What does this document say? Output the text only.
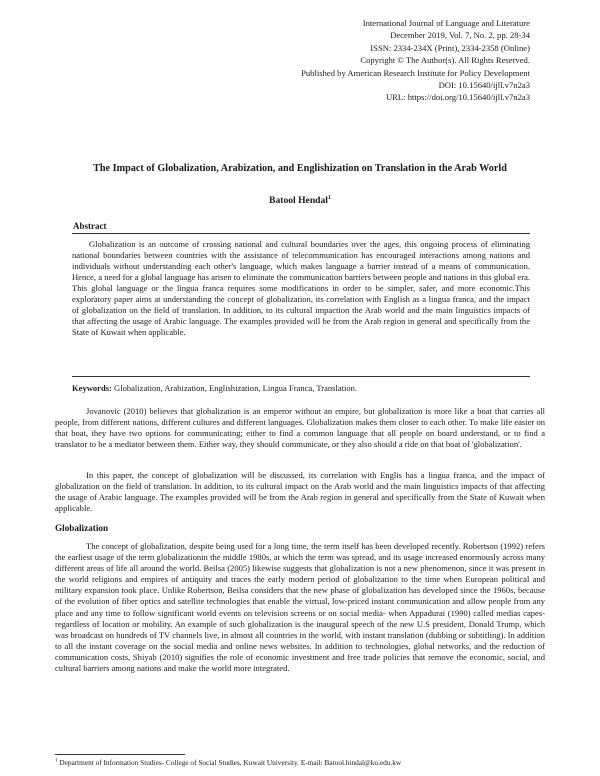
International Journal of Language and Literature
December 2019, Vol. 7, No. 2, pp. 28-34
ISSN: 2334-234X (Print), 2334-2358 (Online)
Copyright © The Author(s). All Rights Reserved.
Published by American Research Institute for Policy Development
DOI: 10.15640/ijll.v7n2a3
URL: https://doi.org/10.15640/ijll.v7n2a3
The Impact of Globalization, Arabization, and Englishization on Translation in the Arab World
Batool Hendal$^1$
Abstract

Globalization is an outcome of crossing national and cultural boundaries over the ages, this ongoing process of eliminating national boundaries between countries with the assistance of telecommunication has encouraged interactions among nations and individuals without understanding each other's language, which makes language a barrier instead of a means of communication. Hence, a need for a global language has arisen to eliminate the communication barriers between people and nations in this global era. This global language or the lingua franca requires some modifications in order to be simpler, safer, and more economic.This exploratory paper aims at understanding the concept of globalization, its correlation with English as a lingua franca, and the impact of globalization on the field of translation. In addition, to its cultural impaction the Arab world and the main linguistics impacts of that affecting the usage of Arabic language. The examples provided will be from the Arab region in general and specifically from the State of Kuwait when applicable.

Keywords: Globalization, Arabization, Englishization, Lingua Franca, Translation.

Jovanovic (2010) believes that globalization is an emperor without an empire, but globalization is more like a boat that carries all people, from different nations, different cultures and different languages. Globalization makes them closer to each other. To make life easier on that boat, they have two options for communicating; either to find a common language that all people on board understand, or to find a translator to be a mediator between them. Either way, they should communicate, or they also should a ride on that boat of 'globalization'.

In this paper, the concept of globalization will be discussed, its correlation with Englis has a lingua franca, and the impact of globalization on the field of translation. In addition, to its cultural impact on the Arab world and the main linguistics impacts of that affecting the usage of Arabic language. The examples provided will be from the Arab region in general and specifically from the State of Kuwait when applicable.

Globalization

The concept of globalization, despite being used for a long time, the term itself has been developed recently. Robertson (1992) refers the earliest usage of the term globalizationin the middle 1980s, at which the term was spread, and its usage increased enormously across many different areas of life all around the world. Beilsa (2005) likewise suggests that globalization is not a new phenomenon, since it was present in the world religions and empires of antiquity and traces the early modern period of globalization to the time when European political and military expansion took place. Unlike Robertson, Beilsa considers that the new phase of globalization has developed since the 1960s, because of the evolution of fiber optics and satellite technologies that enable the virtual, low-priced instant communication and allow people from any place and any time to follow significant world events on television screens or on social media- when Appadurai (1990) called medias capes- regardless of location or mobility. An example of such globalization is the inaugural speech of the new U.S president, Donald Trump, which was broadcast on hundreds of TV channels live, in almost all countries in the world, with instant translation (dubbing or subtitling). In addition to all the instant coverage on the social media and online news websites. In addition to technologies, global networks, and the reduction of communication costs, Shiyab (2010) signifies the role of economic investment and free trade policies that remove the economic, social, and cultural barriers among nations and make the world more integrated.

$^1$ Department of Information Studies- College of Social Studies, Kuwait University. E-mail: Batool.hindal@ku.edu.kw
